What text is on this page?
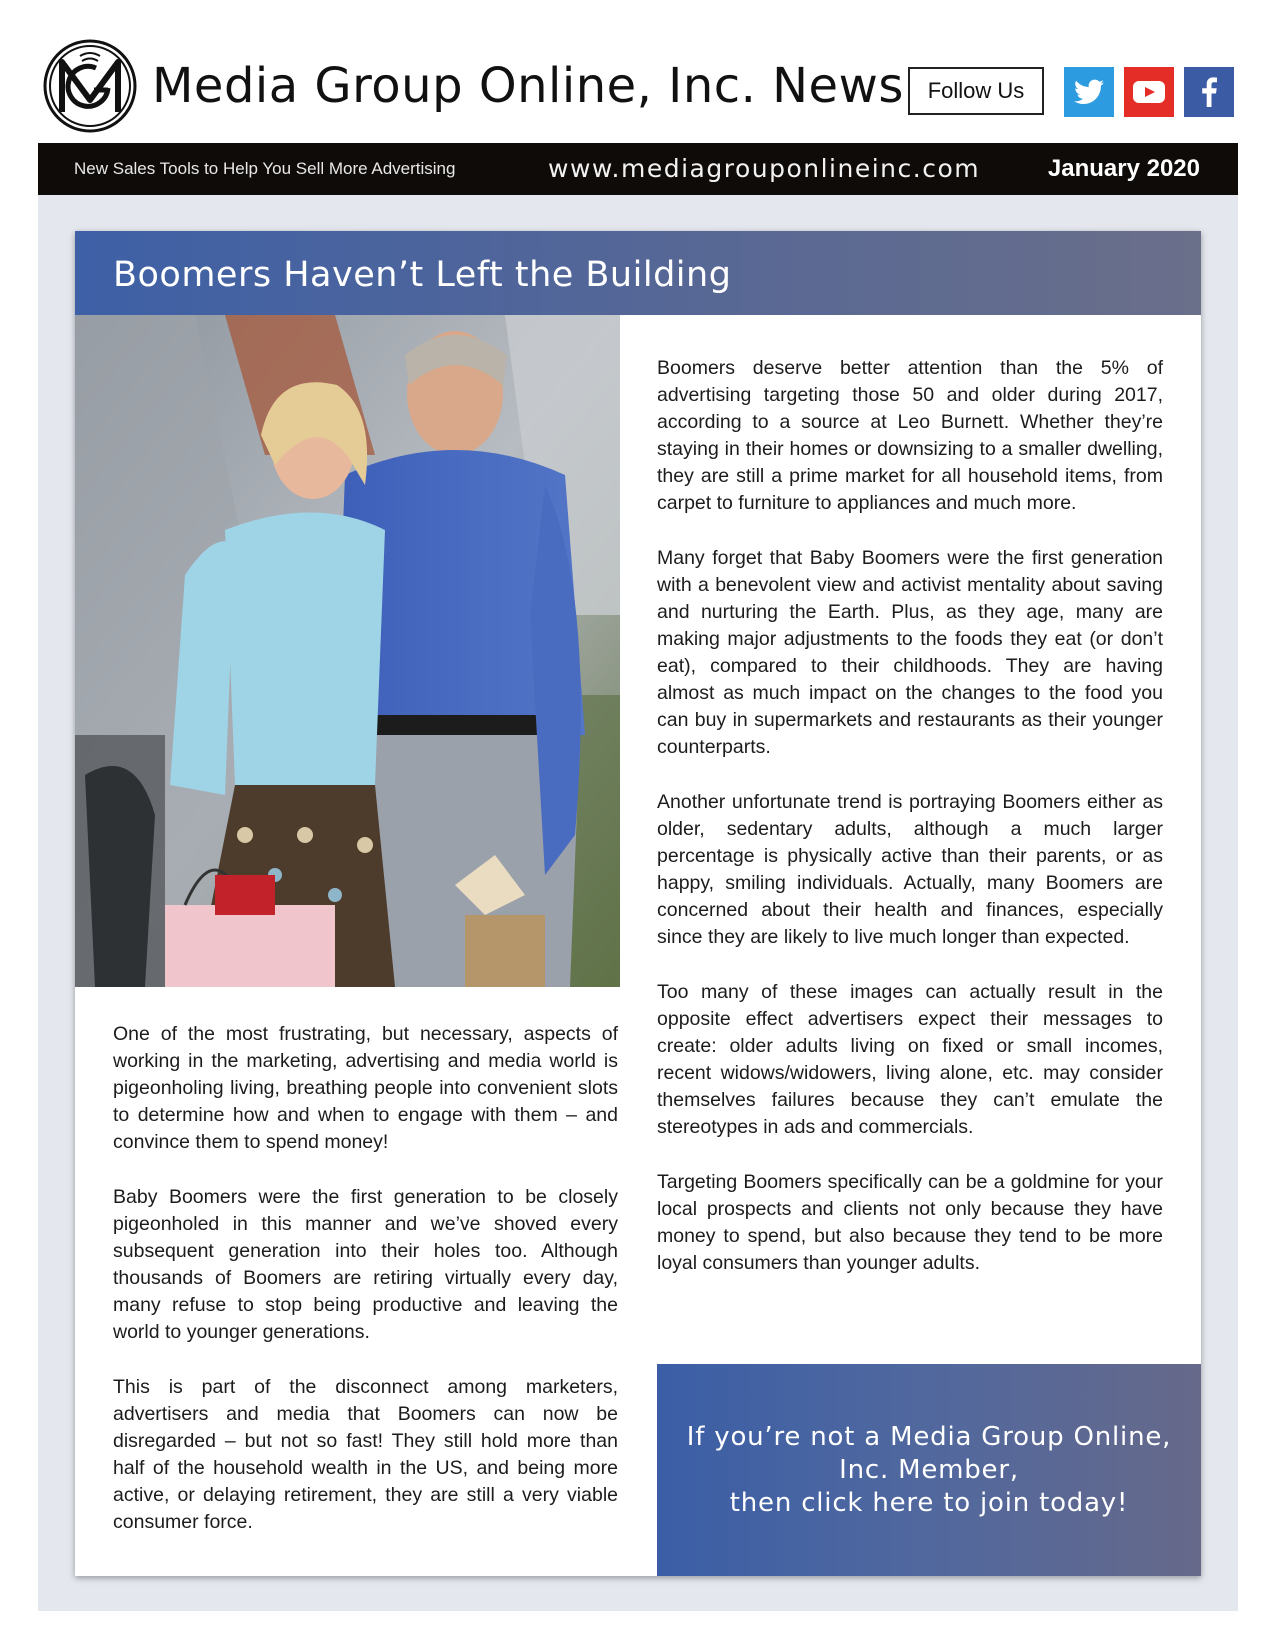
Media Group Online, Inc. News	Follow Us
New Sales Tools to Help You Sell More Advertising	www.mediagrouponlineinc.com	January 2020
Boomers Haven’t Left the Building

One of the most frustrating, but necessary, aspects of working in the marketing, advertising and media world is pigeonholing living, breathing people into convenient slots to determine how and when to engage with them – and convince them to spend money!

Baby Boomers were the first generation to be closely pigeonholed in this manner and we’ve shoved every subsequent generation into their holes too. Although thousands of Boomers are retiring virtually every day, many refuse to stop being productive and leaving the world to younger generations.

This is part of the disconnect among marketers, advertisers and media that Boomers can now be disregarded – but not so fast! They still hold more than half of the household wealth in the US, and being more active, or delaying retirement, they are still a very viable consumer force.

Boomers deserve better attention than the 5% of advertising targeting those 50 and older during 2017, according to a source at Leo Burnett. Whether they’re staying in their homes or downsizing to a smaller dwelling, they are still a prime market for all household items, from carpet to furniture to appliances and much more.

Many forget that Baby Boomers were the first generation with a benevolent view and activist mentality about saving and nurturing the Earth. Plus, as they age, many are making major adjustments to the foods they eat (or don’t eat), compared to their childhoods. They are having almost as much impact on the changes to the food you can buy in supermarkets and restaurants as their younger counterparts.

Another unfortunate trend is portraying Boomers either as older, sedentary adults, although a much larger percentage is physically active than their parents, or as happy, smiling individuals. Actually, many Boomers are concerned about their health and finances, especially since they are likely to live much longer than expected.

Too many of these images can actually result in the opposite effect advertisers expect their messages to create: older adults living on fixed or small incomes, recent widows/widowers, living alone, etc. may consider themselves failures because they can’t emulate the stereotypes in ads and commercials.

Targeting Boomers specifically can be a goldmine for your local prospects and clients not only because they have money to spend, but also because they tend to be more loyal consumers than younger adults.

If you’re not a Media Group Online,
Inc. Member,
then click here to join today!
